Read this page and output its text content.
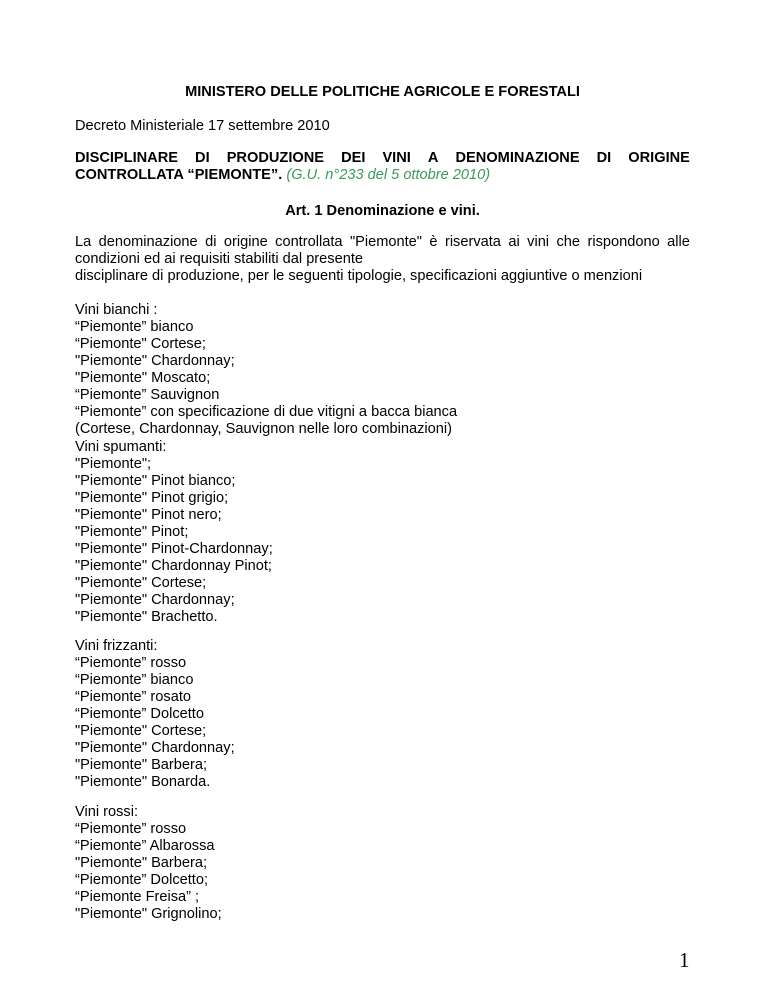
MINISTERO DELLE POLITICHE AGRICOLE E FORESTALI
Decreto Ministeriale 17 settembre 2010
DISCIPLINARE DI PRODUZIONE DEI VINI A DENOMINAZIONE DI ORIGINE
CONTROLLATA “PIEMONTE”. (G.U. n°233 del 5 ottobre 2010)
Art. 1 Denominazione e vini.
La denominazione di origine controllata "Piemonte" è riservata ai vini che rispondono alle
condizioni ed ai requisiti stabiliti dal presente
disciplinare di produzione, per le seguenti tipologie, specificazioni aggiuntive o menzioni
Vini bianchi :
“Piemonte” bianco
“Piemonte" Cortese;
"Piemonte" Chardonnay;
"Piemonte" Moscato;
“Piemonte” Sauvignon
“Piemonte” con specificazione di due vitigni a bacca bianca
(Cortese, Chardonnay, Sauvignon nelle loro combinazioni)
Vini spumanti:
"Piemonte";
"Piemonte" Pinot bianco;
"Piemonte" Pinot grigio;
"Piemonte" Pinot nero;
"Piemonte" Pinot;
"Piemonte" Pinot-Chardonnay;
"Piemonte" Chardonnay Pinot;
"Piemonte" Cortese;
"Piemonte" Chardonnay;
"Piemonte" Brachetto.
Vini frizzanti:
“Piemonte” rosso
“Piemonte” bianco
“Piemonte” rosato
“Piemonte” Dolcetto
"Piemonte" Cortese;
"Piemonte" Chardonnay;
"Piemonte" Barbera;
"Piemonte" Bonarda.
Vini rossi:
“Piemonte” rosso
“Piemonte” Albarossa
"Piemonte" Barbera;
“Piemonte” Dolcetto;
“Piemonte Freisa” ;
"Piemonte" Grignolino;
1
